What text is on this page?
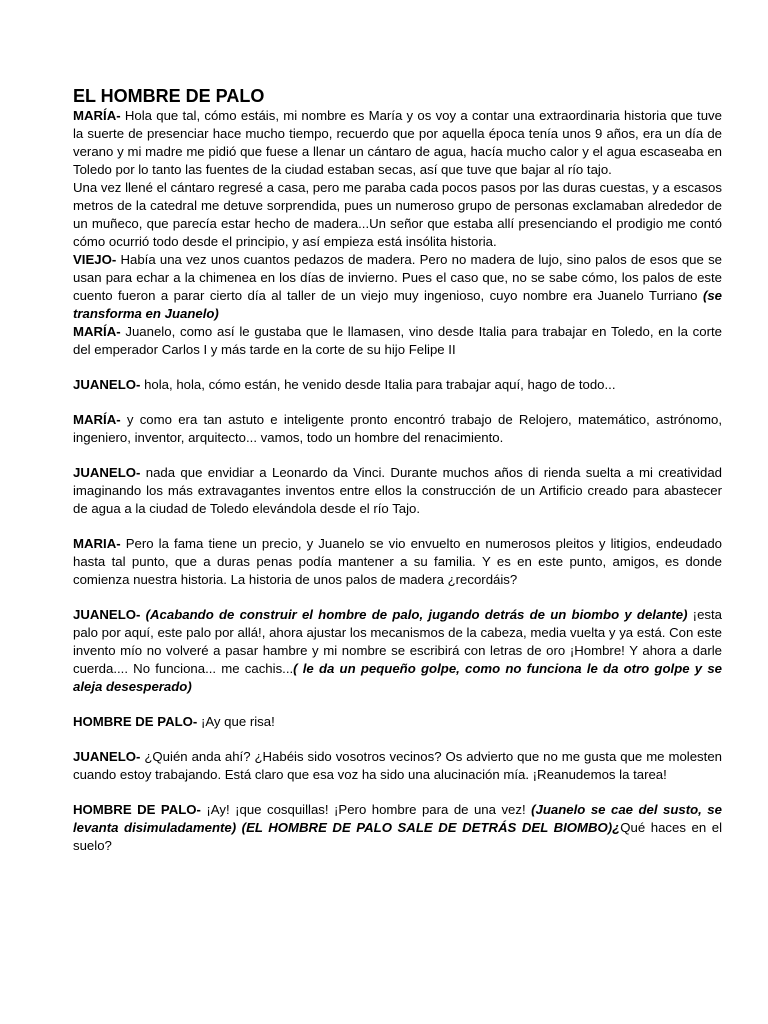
EL HOMBRE DE PALO

MARÍA- Hola que tal, cómo estáis, mi nombre es María y os voy a contar una extraordinaria historia que tuve la suerte de presenciar hace mucho tiempo, recuerdo que por aquella época tenía unos 9 años, era un día de verano y mi madre me pidió que fuese a llenar un cántaro de agua, hacía mucho calor y el agua escaseaba en Toledo por lo tanto las fuentes de la ciudad estaban secas, así que tuve que bajar al río tajo.

Una vez llené el cántaro regresé a casa, pero me paraba cada pocos pasos por las duras cuestas, y a escasos metros de la catedral me detuve sorprendida, pues un numeroso grupo de personas exclamaban alrededor de un muñeco, que parecía estar hecho de madera...Un señor que estaba allí presenciando el prodigio me contó cómo ocurrió todo desde el principio, y así empieza está insólita historia.

VIEJO- Había una vez unos cuantos pedazos de madera. Pero no madera de lujo, sino palos de esos que se usan para echar a la chimenea en los días de invierno. Pues el caso que, no se sabe cómo, los palos de este cuento fueron a parar cierto día al taller de un viejo muy ingenioso, cuyo nombre era Juanelo Turriano (se transforma en Juanelo)

MARÍA- Juanelo, como así le gustaba que le llamasen, vino desde Italia para trabajar en Toledo, en la corte del emperador Carlos I y más tarde en la corte de su hijo Felipe II

JUANELO- hola, hola, cómo están, he venido desde Italia para trabajar aquí, hago de todo...

MARÍA- y como era tan astuto e inteligente pronto encontró trabajo de Relojero, matemático, astrónomo, ingeniero, inventor, arquitecto... vamos, todo un hombre del renacimiento.

JUANELO- nada que envidiar a Leonardo da Vinci. Durante muchos años di rienda suelta a mi creatividad imaginando los más extravagantes inventos entre ellos la construcción de un Artificio creado para abastecer de agua a la ciudad de Toledo elevándola desde el río Tajo.

MARIA- Pero la fama tiene un precio, y Juanelo se vio envuelto en numerosos pleitos y litigios, endeudado hasta tal punto, que a duras penas podía mantener a su familia. Y es en este punto, amigos, es donde comienza nuestra historia. La historia de unos palos de madera ¿recordáis?

JUANELO- (Acabando de construir el hombre de palo, jugando detrás de un biombo y delante) ¡esta palo por aquí, este palo por allá!, ahora ajustar los mecanismos de la cabeza, media vuelta y ya está. Con este invento mío no volveré a pasar hambre y mi nombre se escribirá con letras de oro ¡Hombre! Y ahora a darle cuerda.... No funciona... me cachis...( le da un pequeño golpe, como no funciona le da otro golpe y se aleja desesperado)

HOMBRE DE PALO- ¡Ay que risa!

JUANELO- ¿Quién anda ahí? ¿Habéis sido vosotros vecinos? Os advierto que no me gusta que me molesten cuando estoy trabajando. Está claro que esa voz ha sido una alucinación mía. ¡Reanudemos la tarea!

HOMBRE DE PALO- ¡Ay! ¡que cosquillas! ¡Pero hombre para de una vez! (Juanelo se cae del susto, se levanta disimuladamente) (EL HOMBRE DE PALO SALE DE DETRÁS DEL BIOMBO)¿Qué haces en el suelo?
